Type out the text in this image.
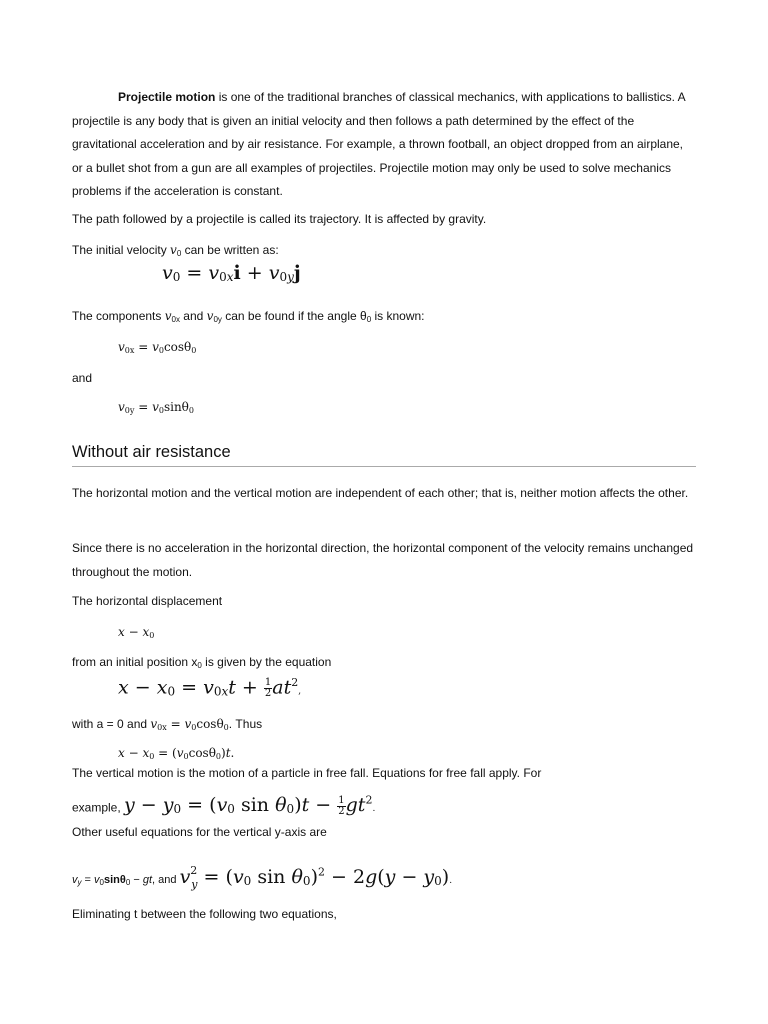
Projectile motion is one of the traditional branches of classical mechanics, with applications to ballistics. A projectile is any body that is given an initial velocity and then follows a path determined by the effect of the gravitational acceleration and by air resistance. For example, a thrown football, an object dropped from an airplane, or a bullet shot from a gun are all examples of projectiles. Projectile motion may only be used to solve mechanics problems if the acceleration is constant.

The path followed by a projectile is called its trajectory. It is affected by gravity.

The initial velocity $v_0$ can be written as:

$v_0 = v_{0x}i + v_{0y}j$

The components $v_{0x}$ and $v_{0y}$ can be found if the angle $\theta_0$ is known:

$v_{0x} = v_0\cos\theta_0$

and

$v_{0y} = v_0\sin\theta_0$
Without air resistance

The horizontal motion and the vertical motion are independent of each other; that is, neither motion affects the other.

Since there is no acceleration in the horizontal direction, the horizontal component of the velocity remains unchanged throughout the motion.

The horizontal displacement

$x - x_0$

from an initial position $x_0$ is given by the equation

$x - x_0 = v_{0x}t + \frac{1}{2} at^2$,

with a = 0 and $v_{0x} = v_0\cos\theta_0$. Thus

$x - x_0 = (v_0\cos\theta_0)t$.

The vertical motion is the motion of a particle in free fall. Equations for free fall apply. For

example, $y - y_0 = (v_0$ $\sin \theta_0)t - \frac{1}{2} gt^2$.

Other useful equations for the vertical y-axis are

$v_y = v_0\sin\theta_0$ − gt, and $v^2_y = (v_0$ $\sin \theta_0)^2 - 2g(y - y_0)$.

Eliminating t between the following two equations,
